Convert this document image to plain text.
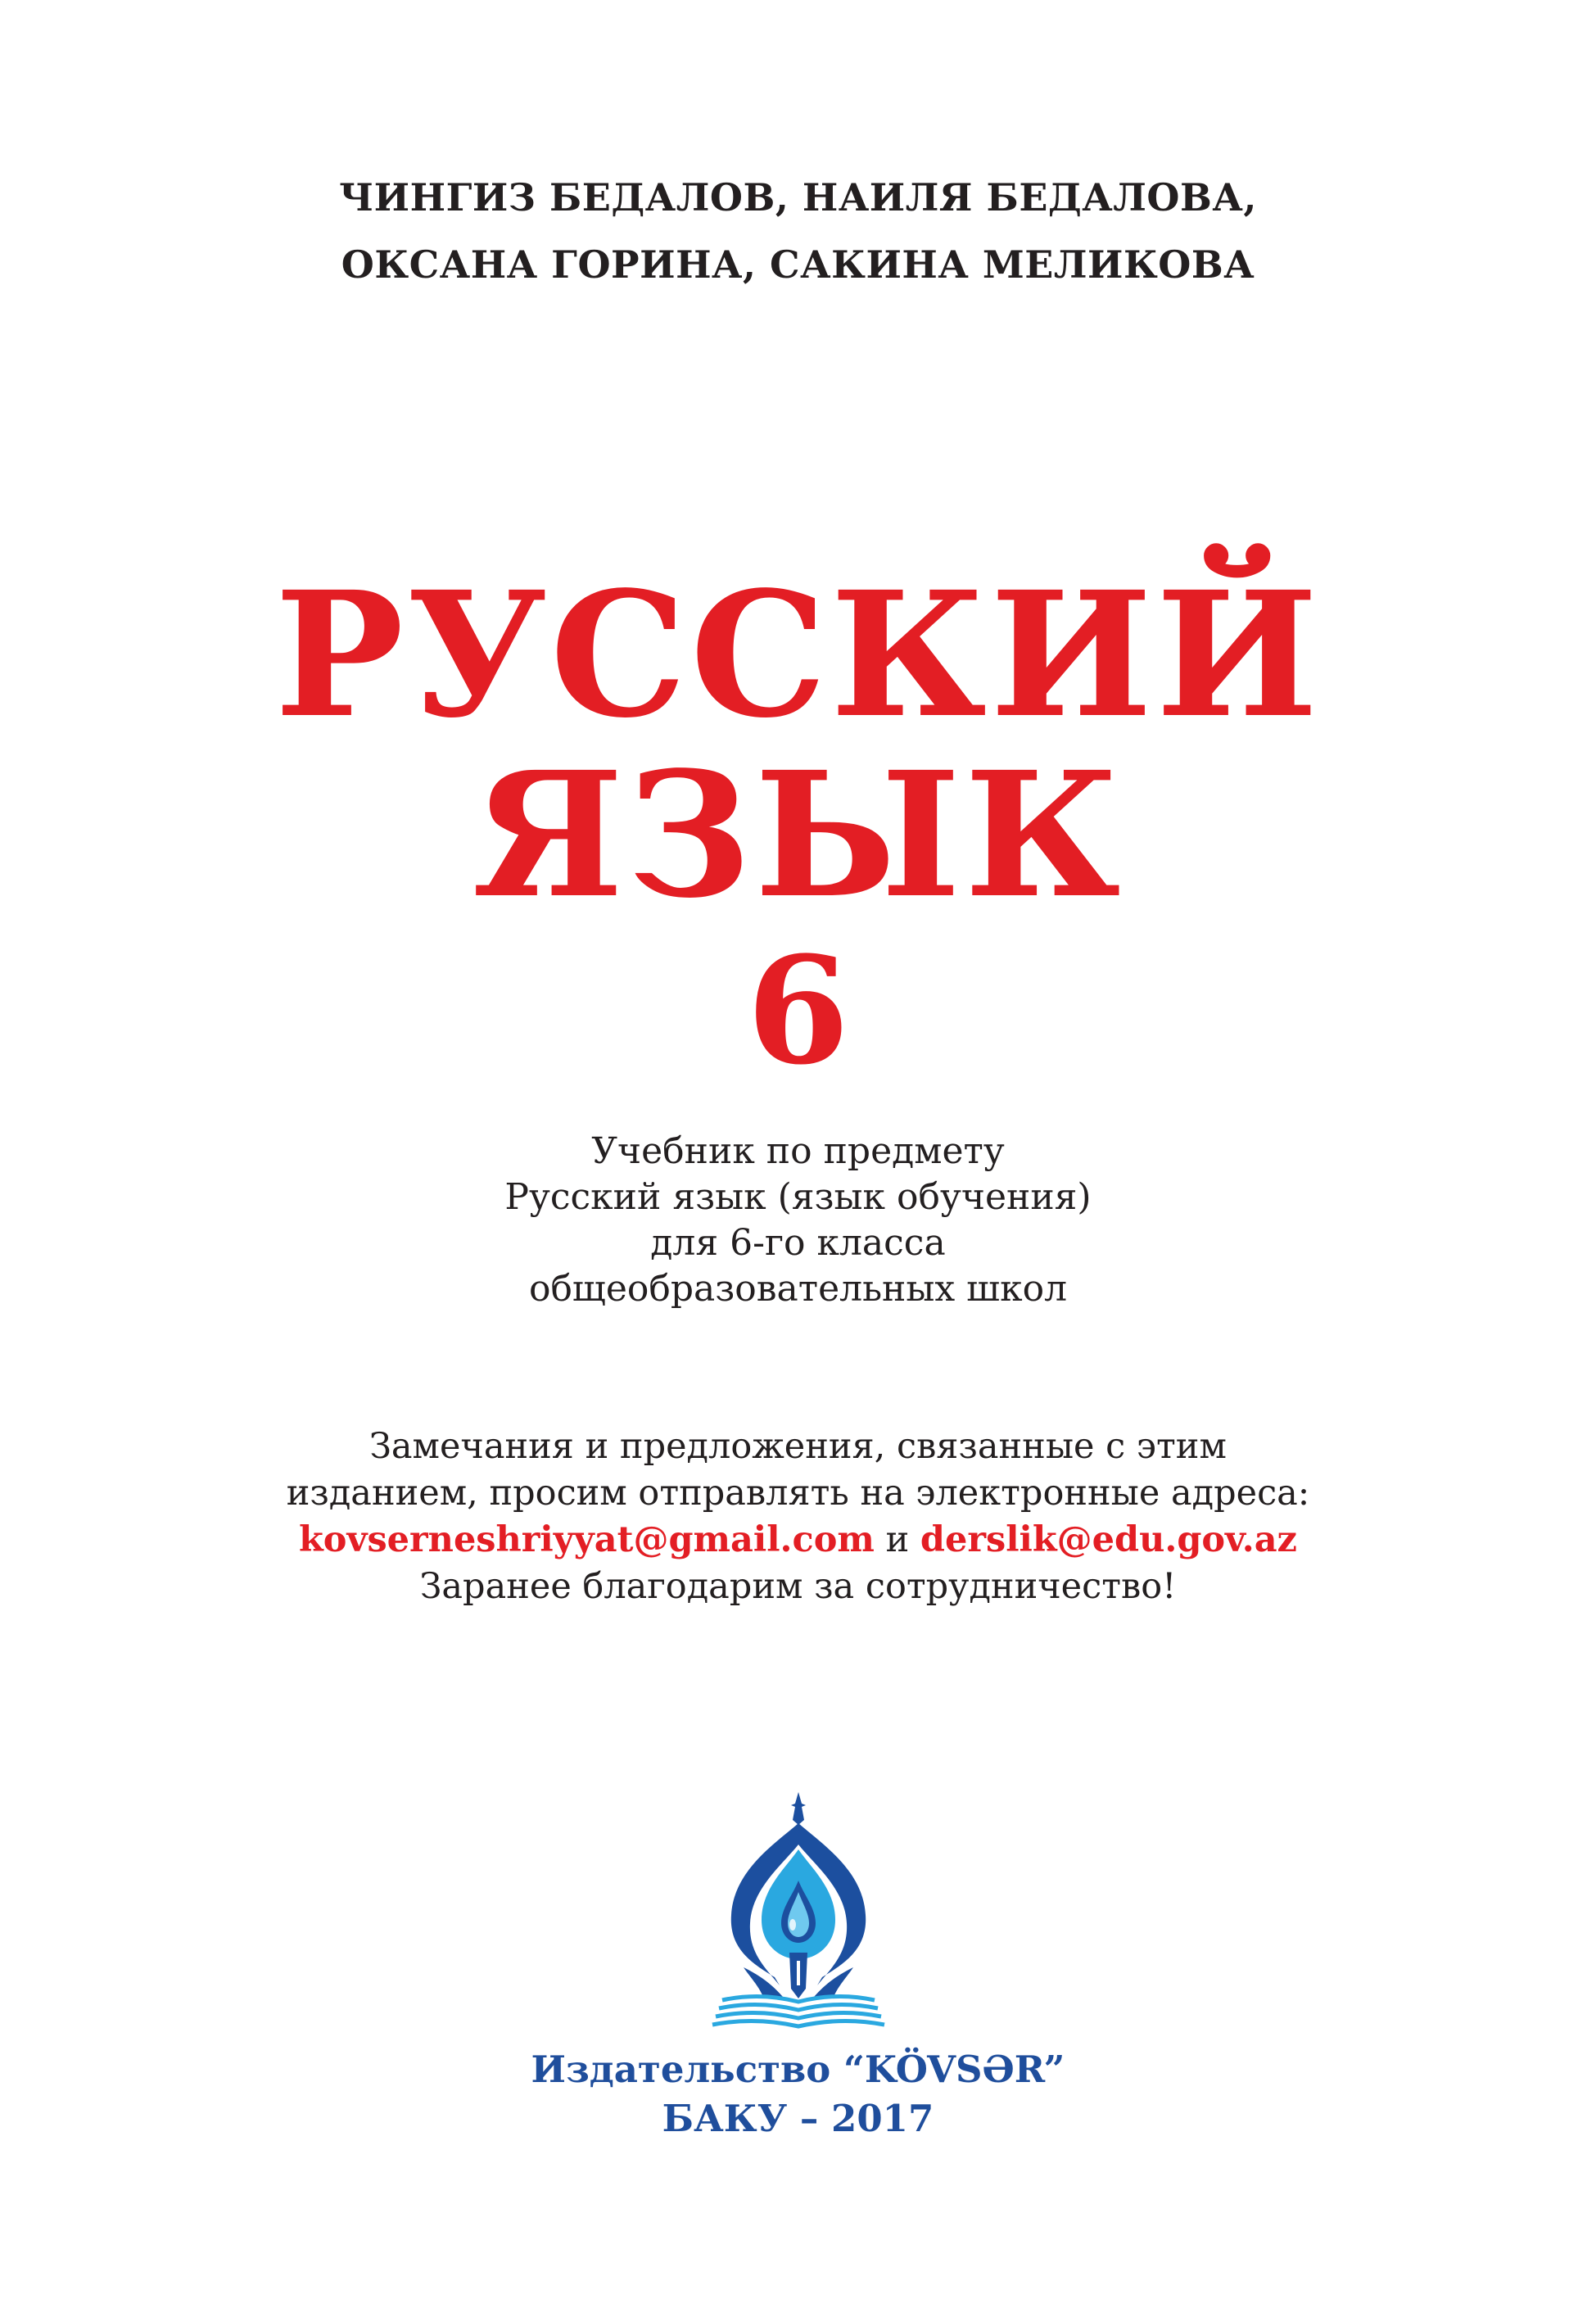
ЧИНГИЗ БЕДАЛОВ, НАИЛЯ БЕДАЛОВА,
ОКСАНА ГОРИНА, САКИНА МЕЛИКОВА
РУССКИЙ
ЯЗЫК
6
Учебник по предмету
Русский язык (язык обучения)
для 6-го класса
общеобразовательных школ
Замечания и предложения, связанные с этим
изданием, просим отправлять на электронные адреса:
kovserneshriyyat@gmail.com и derslik@edu.gov.az
Заранее благодарим за сотрудничество!
Издательство “KÖVSƏR”
БАКУ – 2017
